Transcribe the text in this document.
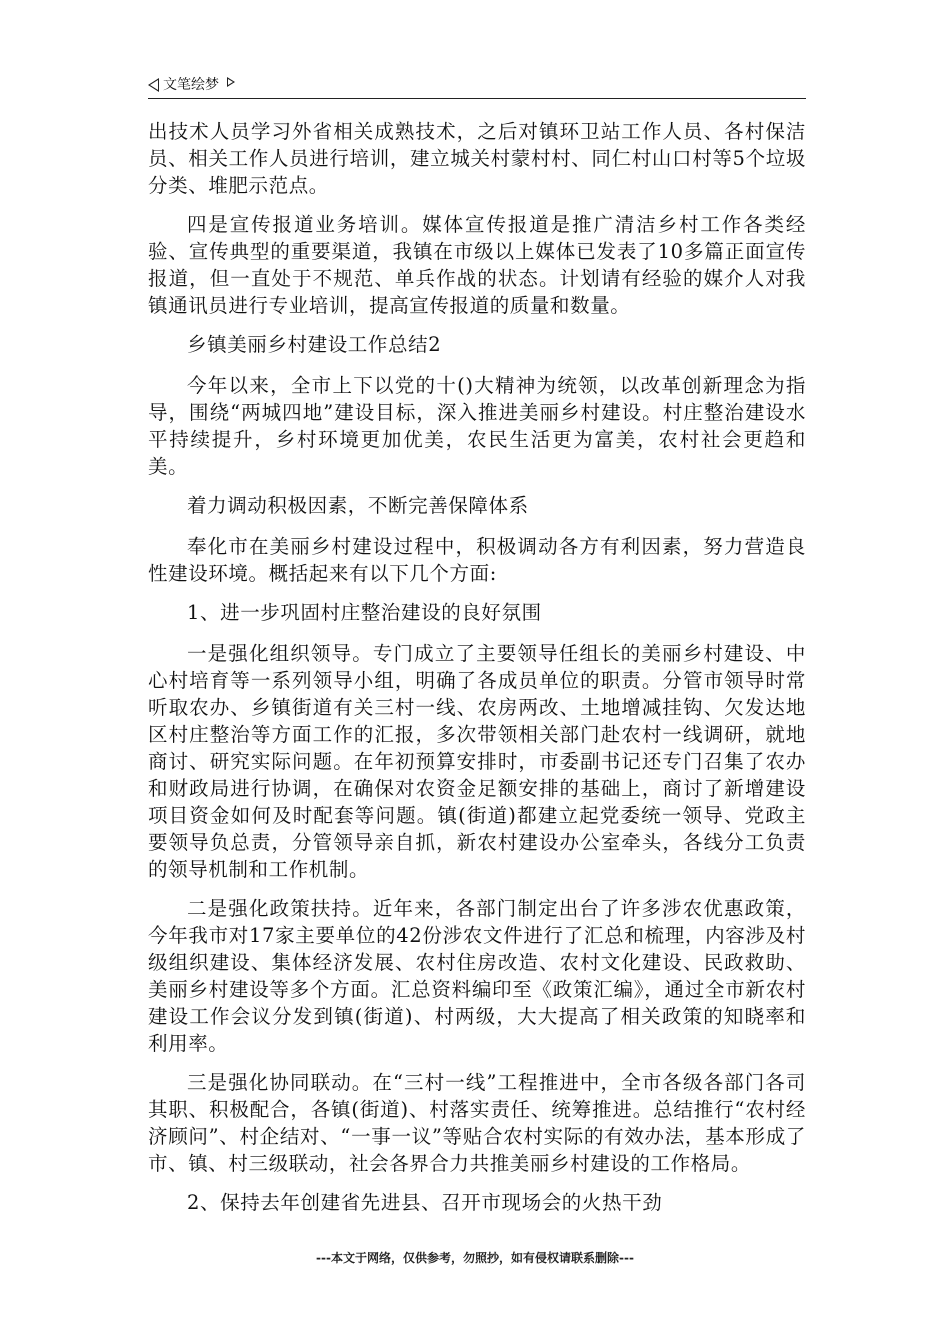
文笔绘梦

出技术人员学习外省相关成熟技术，之后对镇环卫站工作人员、各村保洁员、相关工作人员进行培训，建立城关村蒙村村、同仁村山口村等5个垃圾分类、堆肥示范点。

四是宣传报道业务培训。媒体宣传报道是推广清洁乡村工作各类经验、宣传典型的重要渠道，我镇在市级以上媒体已发表了10多篇正面宣传报道，但一直处于不规范、单兵作战的状态。计划请有经验的媒介人对我镇通讯员进行专业培训，提高宣传报道的质量和数量。

乡镇美丽乡村建设工作总结2

今年以来，全市上下以党的十()大精神为统领，以改革创新理念为指导，围绕“两城四地”建设目标，深入推进美丽乡村建设。村庄整治建设水平持续提升，乡村环境更加优美，农民生活更为富美，农村社会更趋和美。

着力调动积极因素，不断完善保障体系

奉化市在美丽乡村建设过程中，积极调动各方有利因素，努力营造良性建设环境。概括起来有以下几个方面:

1、进一步巩固村庄整治建设的良好氛围

一是强化组织领导。专门成立了主要领导任组长的美丽乡村建设、中心村培育等一系列领导小组，明确了各成员单位的职责。分管市领导时常听取农办、乡镇街道有关三村一线、农房两改、土地增减挂钩、欠发达地区村庄整治等方面工作的汇报，多次带领相关部门赴农村一线调研，就地商讨、研究实际问题。在年初预算安排时，市委副书记还专门召集了农办和财政局进行协调，在确保对农资金足额安排的基础上，商讨了新增建设项目资金如何及时配套等问题。镇(街道)都建立起党委统一领导、党政主要领导负总责，分管领导亲自抓，新农村建设办公室牵头，各线分工负责的领导机制和工作机制。

二是强化政策扶持。近年来，各部门制定出台了许多涉农优惠政策，今年我市对17家主要单位的42份涉农文件进行了汇总和梳理，内容涉及村级组织建设、集体经济发展、农村住房改造、农村文化建设、民政救助、美丽乡村建设等多个方面。汇总资料编印至《政策汇编》，通过全市新农村建设工作会议分发到镇(街道)、村两级，大大提高了相关政策的知晓率和利用率。

三是强化协同联动。在“三村一线”工程推进中，全市各级各部门各司其职、积极配合，各镇(街道)、村落实责任、统筹推进。总结推行“农村经济顾问”、村企结对、“一事一议”等贴合农村实际的有效办法，基本形成了市、镇、村三级联动，社会各界合力共推美丽乡村建设的工作格局。

2、保持去年创建省先进县、召开市现场会的火热干劲

---本文于网络，仅供参考，勿照抄，如有侵权请联系删除---
